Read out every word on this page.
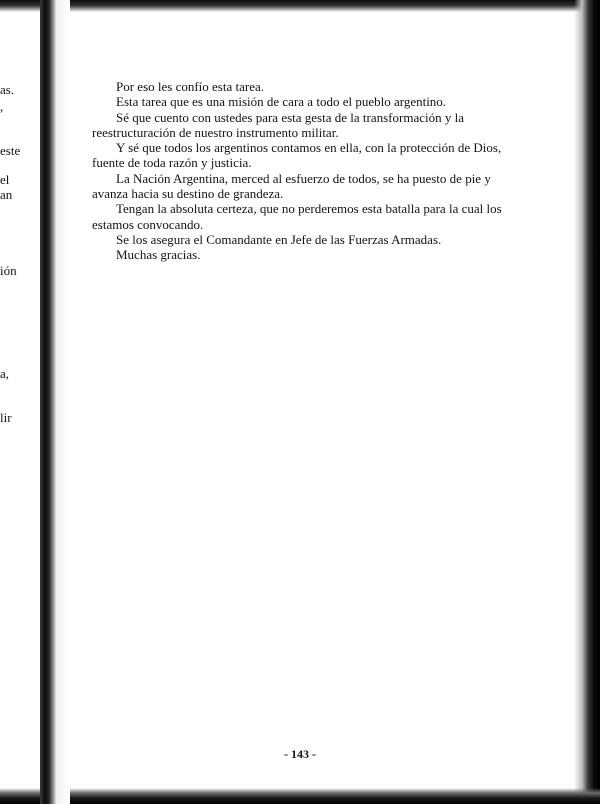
as.
,
este
el
an
ión
a,
lir

Por eso les confío esta tarea.

Esta tarea que es una misión de cara a todo el pueblo argentino.

Sé que cuento con ustedes para esta gesta de la transformación y la reestructuración de nuestro instrumento militar.

Y sé que todos los argentinos contamos en ella, con la protección de Dios, fuente de toda razón y justicia.

La Nación Argentina, merced al esfuerzo de todos, se ha puesto de pie y avanza hacia su destino de grandeza.

Tengan la absoluta certeza, que no perderemos esta batalla para la cual los estamos convocando.

Se los asegura el Comandante en Jefe de las Fuerzas Armadas.

Muchas gracias.

- 143 -
